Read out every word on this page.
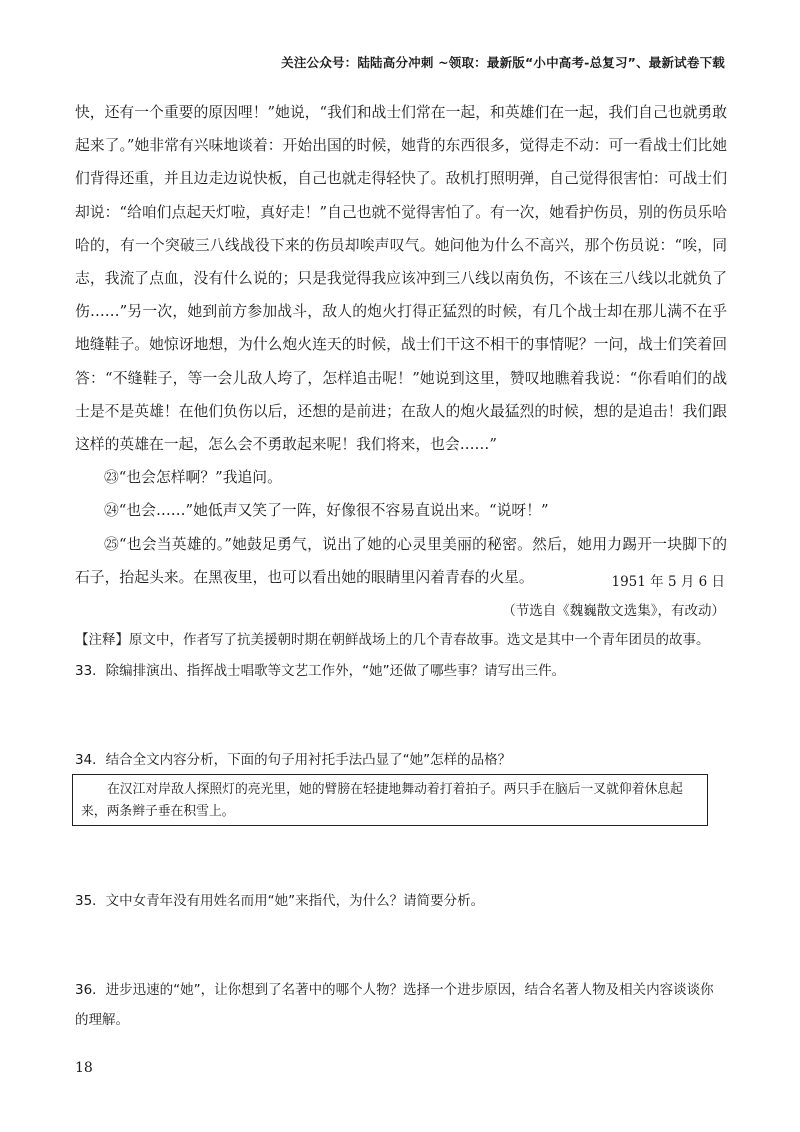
关注公众号：陆陆高分冲刺 ~领取：最新版“小中高考-总复习”、最新试卷下载

快，还有一个重要的原因哩！”她说，“我们和战士们常在一起，和英雄们在一起，我们自己也就勇敢起来了。”她非常有兴味地谈着：开始出国的时候，她背的东西很多，觉得走不动：可一看战士们比她们背得还重，并且边走边说快板，自己也就走得轻快了。敌机打照明弹，自己觉得很害怕：可战士们却说：“给咱们点起天灯啦，真好走！”自己也就不觉得害怕了。有一次，她看护伤员，别的伤员乐哈哈的，有一个突破三八线战役下来的伤员却唉声叹气。她问他为什么不高兴，那个伤员说：“唉，同志，我流了点血，没有什么说的；只是我觉得我应该冲到三八线以南负伤，不该在三八线以北就负了伤……”另一次，她到前方参加战斗，敌人的炮火打得正猛烈的时候，有几个战士却在那儿满不在乎地缝鞋子。她惊讶地想，为什么炮火连天的时候，战士们干这不相干的事情呢？一问，战士们笑着回答：“不缝鞋子，等一会儿敌人垮了，怎样追击呢！”她说到这里，赞叹地瞧着我说：“你看咱们的战士是不是英雄！在他们负伤以后，还想的是前进；在敌人的炮火最猛烈的时候，想的是追击！我们跟这样的英雄在一起，怎么会不勇敢起来呢！我们将来，也会……”

㉓“也会怎样啊？”我追问。

㉔“也会……”她低声又笑了一阵，好像很不容易直说出来。“说呀！”

㉕“也会当英雄的。”她鼓足勇气，说出了她的心灵里美丽的秘密。然后，她用力踢开一块脚下的石子，抬起头来。在黑夜里，也可以看出她的眼睛里闪着青春的火星。	1951 年 5 月 6 日
（节选自《魏巍散文选集》，有改动）
【注释】原文中，作者写了抗美援朝时期在朝鲜战场上的几个青春故事。选文是其中一个青年团员的故事。
33．除编排演出、指挥战士唱歌等文艺工作外，“她”还做了哪些事？请写出三件。
34．结合全文内容分析，下面的句子用衬托手法凸显了“她”怎样的品格？

在汉江对岸敌人探照灯的亮光里，她的臂膀在轻捷地舞动着打着拍子。两只手在脑后一叉就仰着休息起来，两条辫子垂在积雪上。

35．文中女青年没有用姓名而用“她”来指代，为什么？请简要分析。
36．进步迅速的“她”，让你想到了名著中的哪个人物？选择一个进步原因，结合名著人物及相关内容谈谈你的理解。
18
